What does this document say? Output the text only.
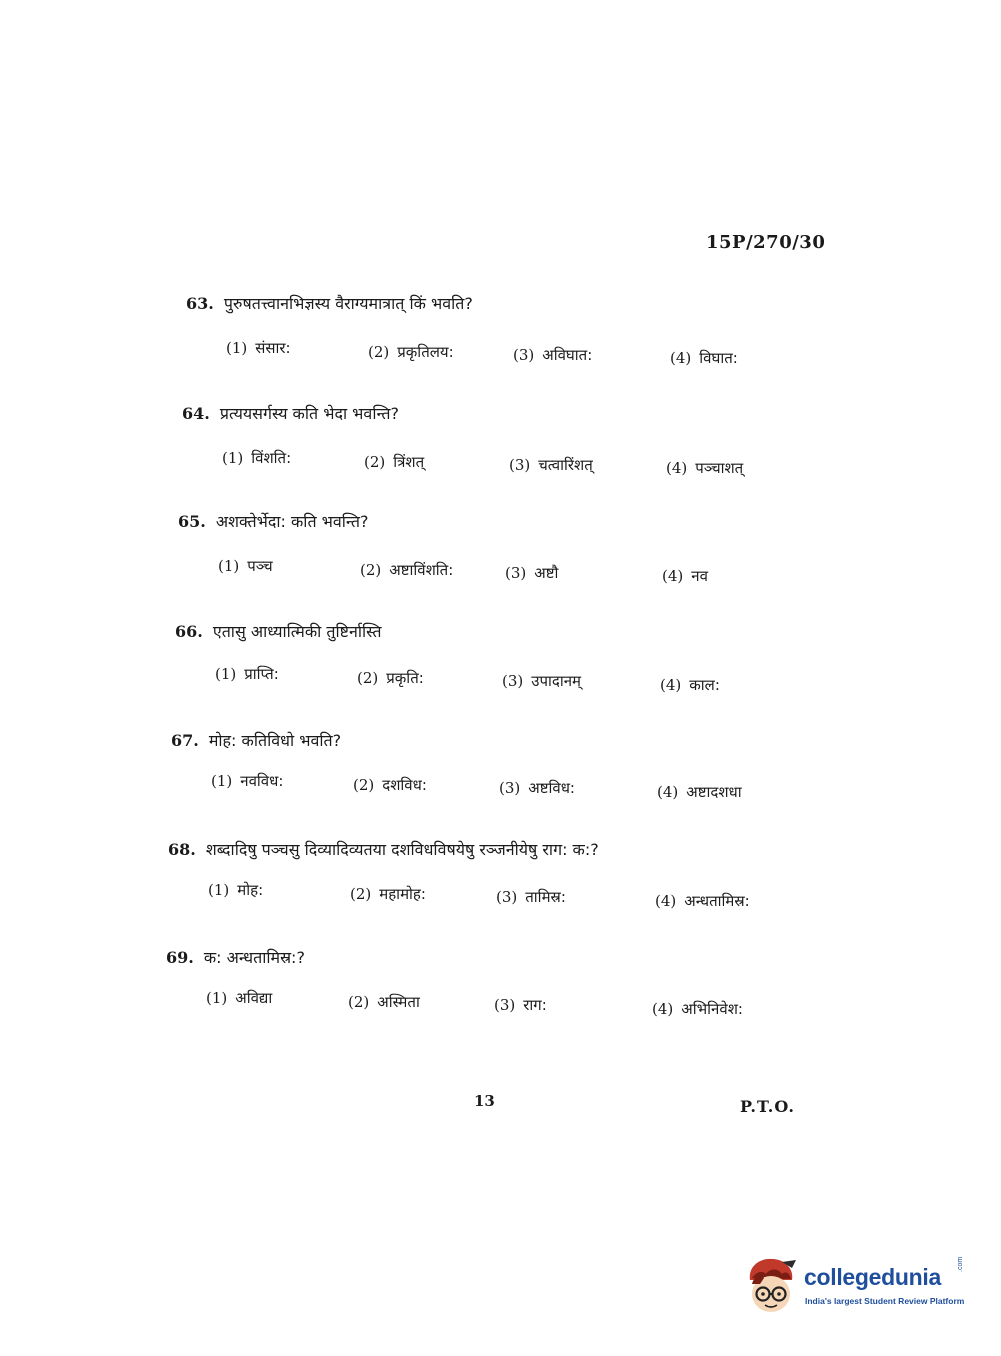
15P/270/30
63. पुरुषतत्त्वानभिज्ञस्य वैराग्यमात्रात् किं भवति?
(1) संसार:	(2) प्रकृतिलय:	(3) अविघात:	(4) विघात:
64. प्रत्ययसर्गस्य कति भेदा भवन्ति?
(1) विंशति:	(2) त्रिंशत्	(3) चत्वारिंशत्	(4) पञ्चाशत्
65. अशक्तेर्भेदा: कति भवन्ति?
(1) पञ्च	(2) अष्टाविंशति:	(3) अष्टौ	(4) नव
66. एतासु आध्यात्मिकी तुष्टिर्नास्ति
(1) प्राप्ति:	(2) प्रकृति:	(3) उपादानम्	(4) काल:
67. मोह: कतिविधो भवति?
(1) नवविध:	(2) दशविध:	(3) अष्टविध:	(4) अष्टादशधा
68. शब्दादिषु पञ्चसु दिव्यादिव्यतया दशविधविषयेषु रञ्जनीयेषु राग: क:?
(1) मोह:	(2) महामोह:	(3) तामिस्र:	(4) अन्धतामिस्र:
69. क: अन्धतामिस्र:?
(1) अविद्या	(2) अस्मिता	(3) राग:	(4) अभिनिवेश:
13	P.T.O.
collegedunia .com
India's largest Student Review Platform
